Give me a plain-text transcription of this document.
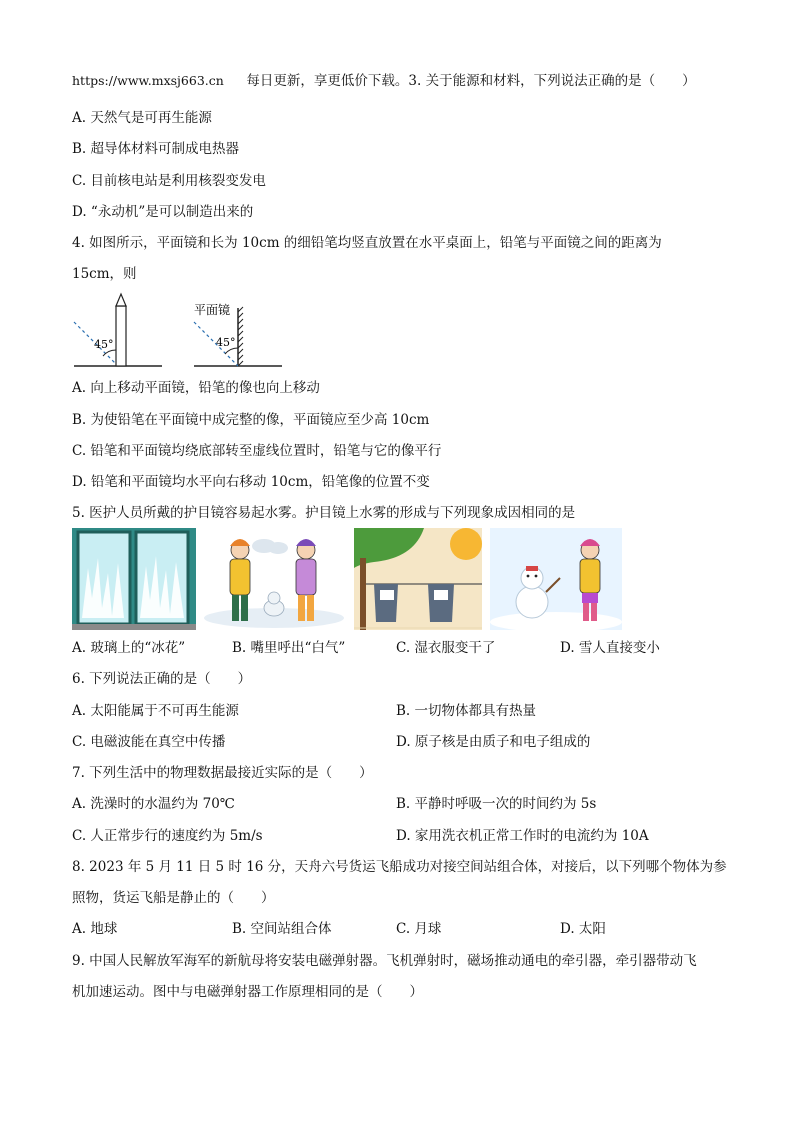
https://www.mxsj663.cn 每日更新，享更低价下载。3. 关于能源和材料，下列说法正确的是（　　）
A. 天然气是可再生能源
B. 超导体材料可制成电热器
C. 目前核电站是利用核裂变发电
D. “永动机”是可以制造出来的
4. 如图所示，平面镜和长为 10cm 的细铅笔均竖直放置在水平桌面上，铅笔与平面镜之间的距离为
15cm，则
45°
平面镜
45°
A. 向上移动平面镜，铅笔的像也向上移动
B. 为使铅笔在平面镜中成完整的像，平面镜应至少高 10cm
C. 铅笔和平面镜均绕底部转至虚线位置时，铅笔与它的像平行
D. 铅笔和平面镜均水平向右移动 10cm，铅笔像的位置不变
5. 医护人员所戴的护目镜容易起水雾。护目镜上水雾的形成与下列现象成因相同的是
A. 玻璃上的“冰花”	B. 嘴里呼出“白气”	C. 湿衣服变干了	D. 雪人直接变小
6. 下列说法正确的是（　　）
A. 太阳能属于不可再生能源	B. 一切物体都具有热量
C. 电磁波能在真空中传播	D. 原子核是由质子和电子组成的
7. 下列生活中的物理数据最接近实际的是（　　）
A. 洗澡时的水温约为 70℃	B. 平静时呼吸一次的时间约为 5s
C. 人正常步行的速度约为 5m/s	D. 家用洗衣机正常工作时的电流约为 10A
8. 2023 年 5 月 11 日 5 时 16 分，天舟六号货运飞船成功对接空间站组合体，对接后，以下列哪个物体为参
照物，货运飞船是静止的（　　）
A. 地球	B. 空间站组合体	C. 月球	D. 太阳
9. 中国人民解放军海军的新航母将安装电磁弹射器。飞机弹射时，磁场推动通电的牵引器，牵引器带动飞
机加速运动。图中与电磁弹射器工作原理相同的是（　　）
